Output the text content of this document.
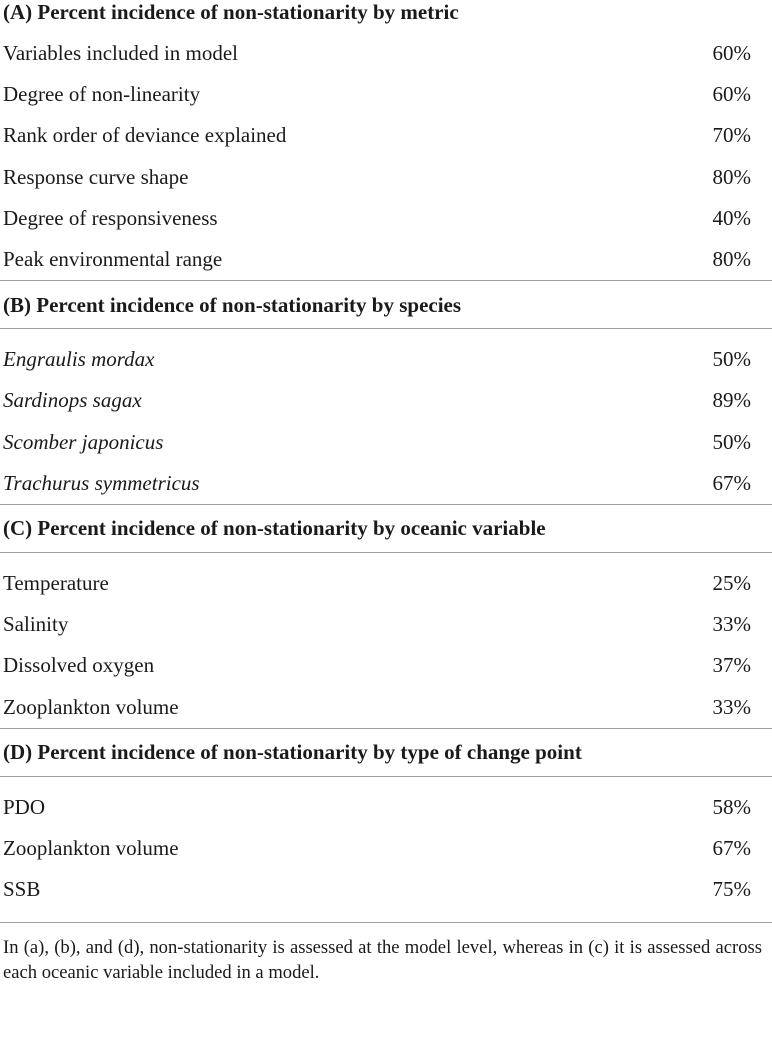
(A) Percent incidence of non-stationarity by metric
Variables included in model	60%
Degree of non-linearity	60%
Rank order of deviance explained	70%
Response curve shape	80%
Degree of responsiveness	40%
Peak environmental range	80%
(B) Percent incidence of non-stationarity by species
Engraulis mordax	50%
Sardinops sagax	89%
Scomber japonicus	50%
Trachurus symmetricus	67%
(C) Percent incidence of non-stationarity by oceanic variable
Temperature	25%
Salinity	33%
Dissolved oxygen	37%
Zooplankton volume	33%
(D) Percent incidence of non-stationarity by type of change point
PDO	58%
Zooplankton volume	67%
SSB	75%
In (a), (b), and (d), non-stationarity is assessed at the model level, whereas in (c) it is assessed across each oceanic variable included in a model.
